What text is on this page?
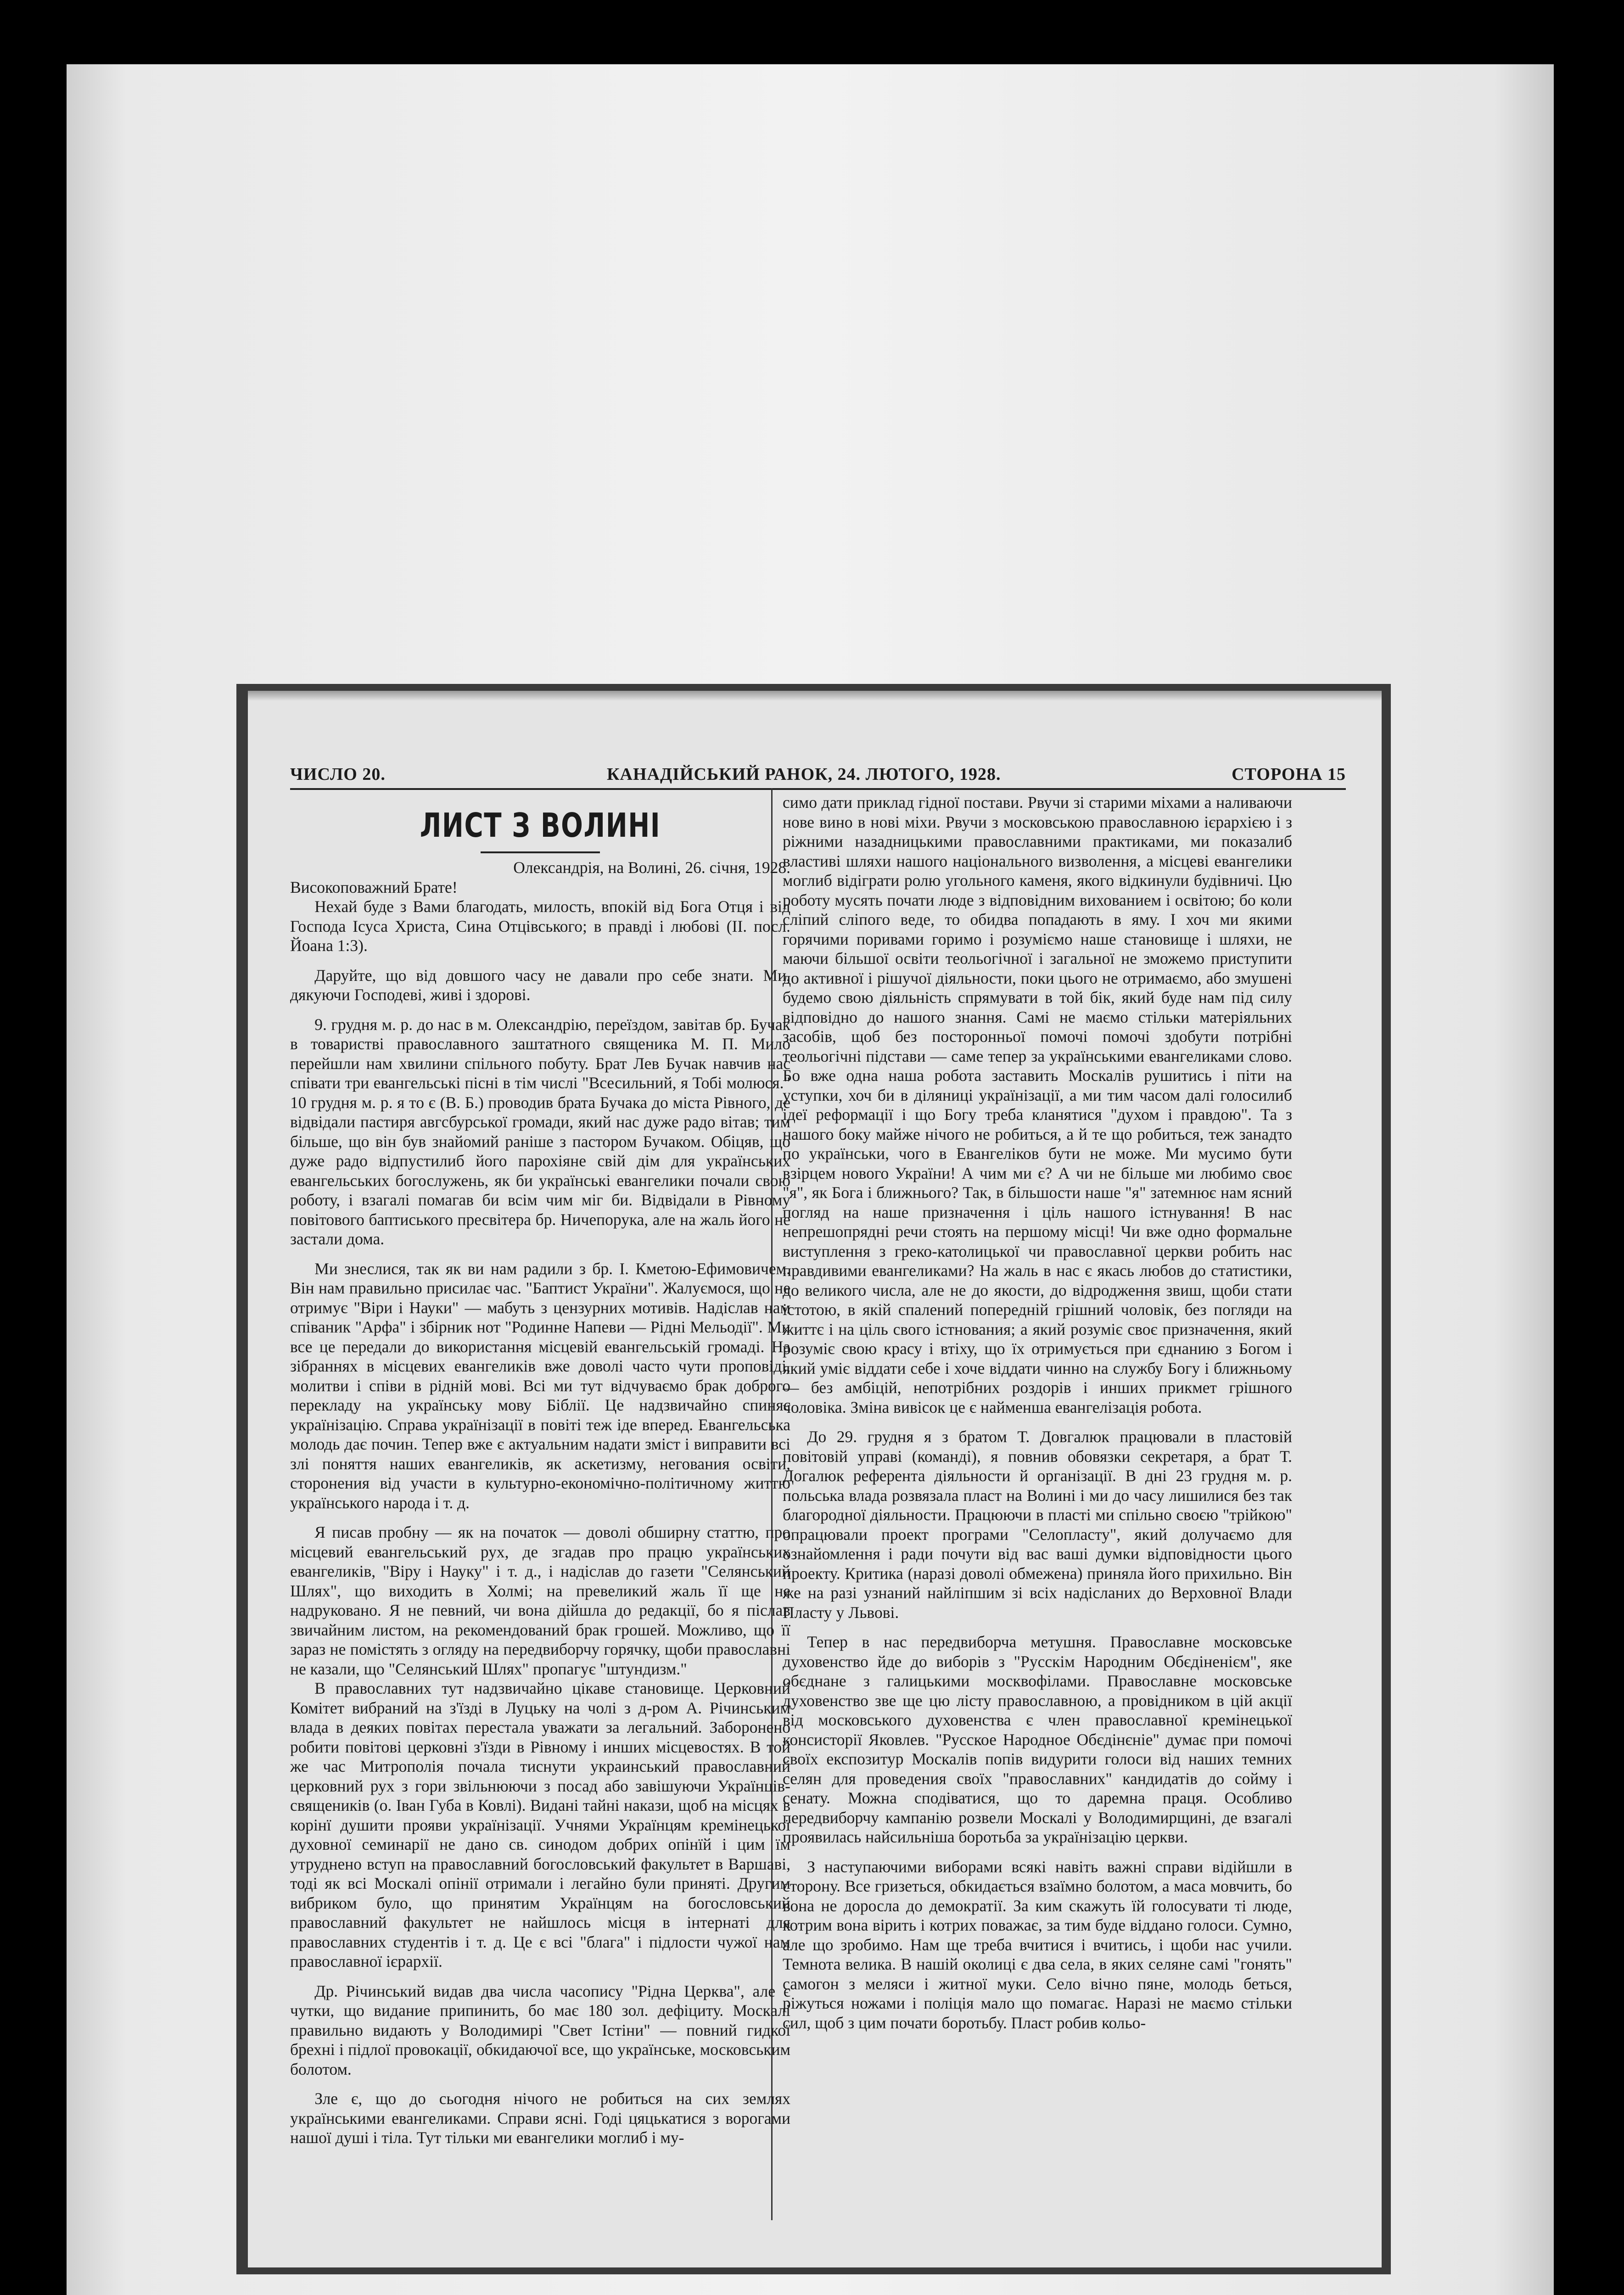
ЧИСЛО 20.	КАНАДІЙСЬКИЙ РАНОК, 24. ЛЮТОГО, 1928.	СТОРОНА 15
ЛИСТ З ВОЛИНІ

Олександрія, на Волині, 26. січня, 1928.

Високоповажний Брате!

Нехай буде з Вами благодать, милость, впокій від Бога Отця і від Господа Ісуса Христа, Сина Отцівського; в правді і любові (II. посл. Йоана 1:3).

Даруйте, що від довшого часу не давали про себе знати. Ми, дякуючи Господеві, живі і здорові.

9. грудня м. р. до нас в м. Олександрію, переїздом, завітав бр. Бучак в товаристві православного заштатного священика М. П. Мило перейшли нам хвилини спільного побуту. Брат Лев Бучак навчив нас співати три евангельські пісні в тім числі "Всесильний, я Тобі молюся." 10 грудня м. р. я то є (В. Б.) проводив брата Бучака до міста Рівного, де відвідали пастиря авгсбурської громади, який нас дуже радо вітав; тим більше, що він був знайомий раніше з пастором Бучаком. Обіцяв, що дуже радо відпустилиб його парохіяне свій дім для українських евангельських богослужень, як би українські евангелики почали свою роботу, і взагалі помагав би всім чим міг би. Відвідали в Рівному повітового баптиського пресвітера бр. Ничепорука, але на жаль його не застали дома.

Ми знеслися, так як ви нам радили з бр. І. Кметою-Ефимовичем. Він нам правильно присилає час. "Баптист України". Жалуємося, що не отримує "Віри і Науки" — мабуть з цензурних мотивів. Надіслав нам співаник "Арфа" і збірник нот "Родинне Напеви — Рідні Мельодії". Ми все це передали до використання місцевій евангельській громаді. На зібраннях в місцевих евангеликів вже доволі часто чути проповіді, молитви і співи в рідній мові. Всі ми тут відчуваємо брак доброго перекладу на українську мову Біблії. Це надзвичайно спиняє українізацію. Справа українізації в повіті теж іде вперед. Евангельська молодь дає почин. Тепер вже є актуальним надати зміст і виправити всі злі поняття наших евангеликів, як аскетизму, негования освіти, сторонения від участи в культурно-економічно-політичному життю українського народа і т. д.

Я писав пробну — як на початок — доволі обширну статтю, про місцевий евангельський рух, де згадав про працю українських евангеликів, "Віру і Науку" і т. д., і надіслав до газети "Селянський Шлях", що виходить в Холмі; на превеликий жаль її ще не надруковано. Я не певний, чи вона дійшла до редакції, бо я післав звичайним листом, на рекомендований брак грошей. Можливо, що її зараз не помістять з огляду на передвиборчу горячку, щоби православні не казали, що "Селянський Шлях" пропагує "штундизм."

В православних тут надзвичайно цікаве становище. Церковний Комітет вибраний на з'їзді в Луцьку на чолі з д-ром А. Річинським влада в деяких повітах перестала уважати за легальний. Заборонено робити повітові церковні з'їзди в Рівному і инших місцевостях. В той же час Митрополія почала тиснути украинський православний церковний рух з гори звільнюючи з посад або завішуючи Українців-священиків (о. Іван Губа в Ковлі). Видані тайні накази, щоб на місцях в корінї душити прояви українізації. Учнями Українцям кремінецької духовної семинарії не дано св. синодом добрих опінїй і цим їм утруднено вступ на православний богословський факультет в Варшаві, тоді як всі Москалі опінії отримали і легайно були приняті. Другим вибриком було, що принятим Українцям на богословський православний факультет не найшлось місця в інтернаті для православних студентів і т. д. Це є всі "блага" і підлости чужої нам православної ієрархії.

Др. Річинський видав два числа часопису "Рідна Церква", але є чутки, що видание припинить, бо має 180 зол. дефіциту. Москалі правильно видають у Володимирі "Свет Істіни" — повний гидкої брехні і підлої провокації, обкидаючої все, що українське, московським болотом.

Зле є, що до сьогодня нічого не робиться на сих землях українськими евангеликами. Справи ясні. Годі цяцькатися з ворогами нашої душі і тіла. Тут тільки ми евангелики моглиб і му-

симо дати приклад гідної постави. Рвучи зі старими міхами а наливаючи нове вино в нові міхи. Рвучи з московською православною ієрархією і з ріжними назадницькими православними практиками, ми показалиб властиві шляхи нашого національного визволення, а місцеві евангелики моглиб відіграти ролю угольного каменя, якого відкинули будівничі. Цю роботу мусять почати люде з відповідним вихованием і освітою; бо коли сліпий сліпого веде, то обидва попадають в яму. І хоч ми якими горячими поривами горимо і розуміємо наше становище і шляхи, не маючи більшої освіти теольогічної і загальної не зможемо приступити до активної і рішучої діяльности, поки цього не отримаємо, або змушені будемо свою діяльність спрямувати в той бік, який буде нам під силу відповідно до нашого знання. Самі не маємо стільки матеріяльних засобів, щоб без посторонньої помочі помочі здобути потрібні теольогічні підстави — саме тепер за українськими евангеликами слово. Бо вже одна наша робота заставить Москалів рушитись і піти на уступки, хоч би в діляниці українізації, а ми тим часом далі голосилиб ідеї реформації і що Богу треба кланятися "духом і правдою". Та з нашого боку майже нічого не робиться, а й те що робиться, теж занадто по українськи, чого в Евангеліков бути не може. Ми мусимо бути взірцем нового України! А чим ми є? А чи не більше ми любимо своє "я", як Бога і ближнього? Так, в більшости наше "я" затемнює нам ясний погляд на наше призначення і ціль нашого істнування! В нас непрешопрядні речи стоять на першому місці! Чи вже одно формальне виступлення з греко-католицької чи православної церкви робить нас правдивими евангеликами? На жаль в нас є якась любов до статистики, до великого числа, але не до якости, до відродження звиш, щоби стати істотою, в якій спалений попередній грішний чоловік, без погляди на життє і на ціль свого істнования; а який розуміє своє призначення, який розуміє свою красу і втіху, що їх отримується при єднанию з Богом і який уміє віддати себе і хоче віддати чинно на службу Богу і ближньому — без амбіцій, непотрібних роздорів і инших прикмет грішного чоловіка. Зміна вивісок це є найменша евангелізація робота.

До 29. грудня я з братом Т. Довгалюк працювали в пластовій повітовій управі (команді), я повнив обовязки секретаря, а брат Т. Догалюк референта діяльности й організації. В дні 23 грудня м. р. польська влада розвязала пласт на Волині і ми до часу лишилися без так благородної діяльности. Працюючи в пласті ми спільно своєю "трійкою" опрацювали проект програми "Селопласту", який долучаємо для ознайомлення і ради почути від вас ваші думки відповідности цього проекту. Критика (наразі доволі обмежена) приняла його прихильно. Він же на разі узнаний найліпшим зі всіх надісланих до Верховної Влади Пласту у Львові.

Тепер в нас передвиборча метушня. Православне московське духовенство йде до виборів з "Русскім Народним Обєдіненієм", яке обєднане з галицькими москвофілами. Православне московське духовенство зве ще цю лісту православною, а провідником в цій акції від московського духовенства є член православної кремінецької консисторії Яковлев. "Русское Народное Обєдінєніе" думає при помочі своїх експозитур Москалів попів видурити голоси від наших темних селян для проведения своїх "православних" кандидатів до сойму і сенату. Можна сподіватися, що то даремна праця. Особливо передвиборчу кампанію розвели Москалі у Володимирщині, де взагалі проявилась найсильніша боротьба за українізацію церкви.

З наступаючими виборами всякі навіть важні справи відійшли в сторону. Все гризеться, обкидається взаїмно болотом, а маса мовчить, бо вона не доросла до демократії. За ким скажуть їй голосувати ті люде, котрим вона вірить і котрих поважає, за тим буде віддано голоси. Сумно, але що зробимо. Нам ще треба вчитися і вчитись, і щоби нас учили. Темнота велика. В нашій околиці є два села, в яких селяне самі "гонять" самогон з меляси і житної муки. Село вічно пяне, молодь беться, ріжуться ножами і поліція мало що помагає. Наразі не маємо стільки сил, щоб з цим почати боротьбу. Пласт робив кольо-
